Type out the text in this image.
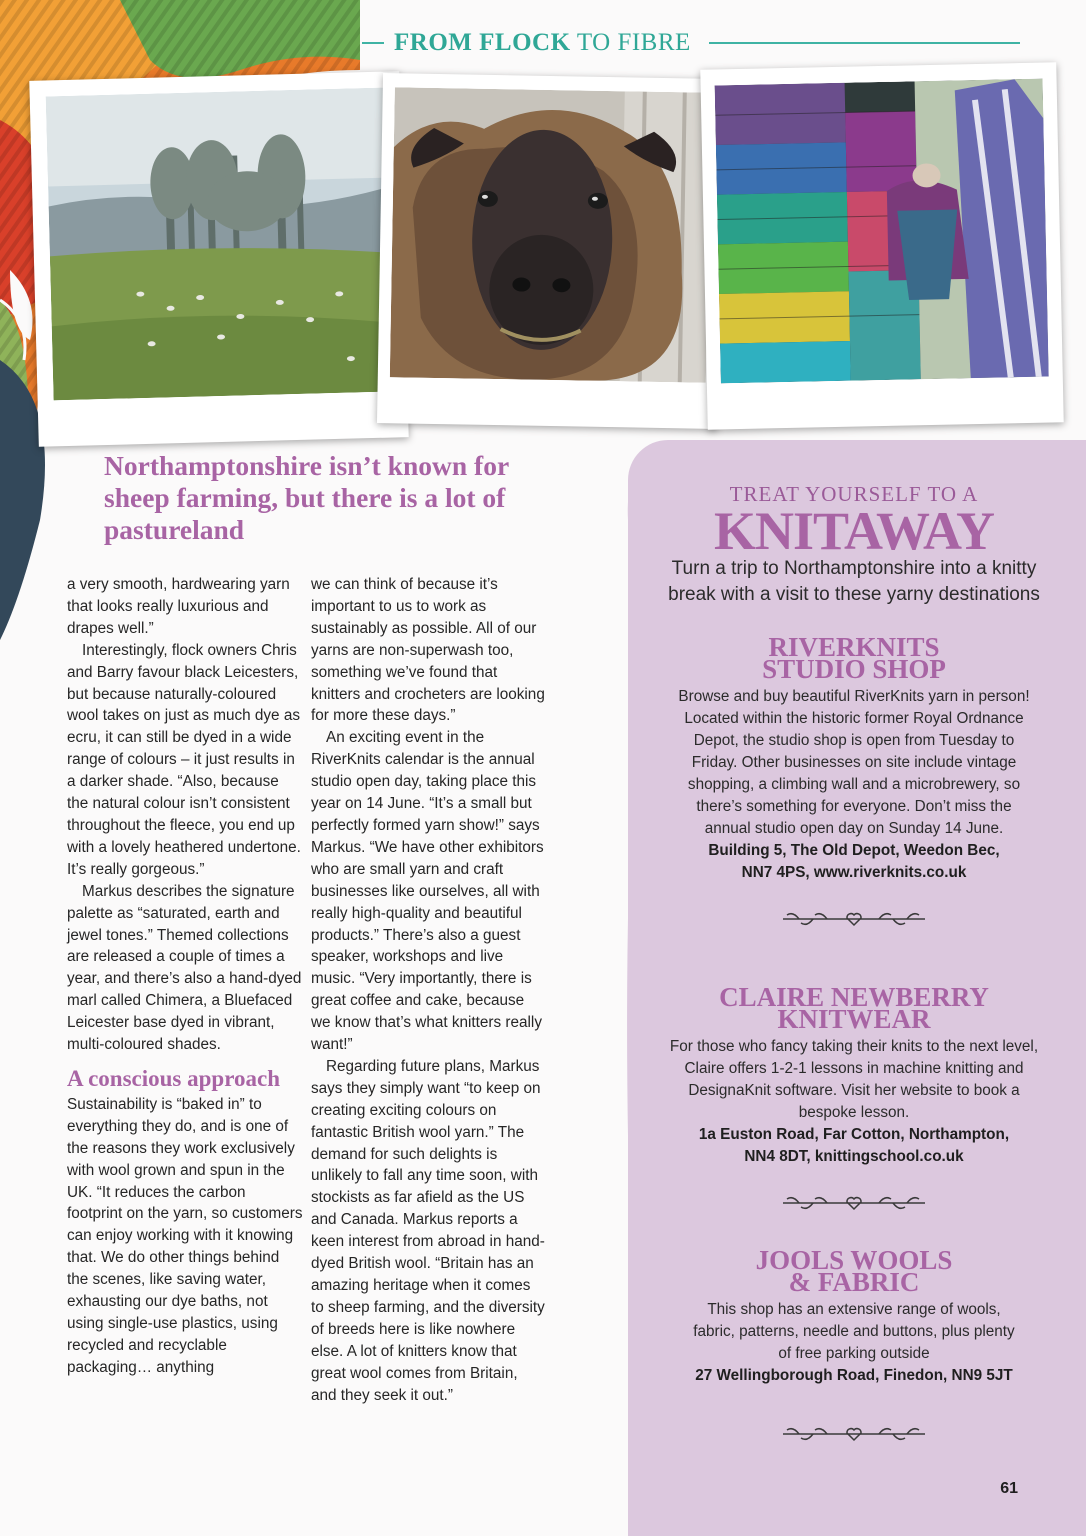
FROM FLOCK TO FIBRE
Northamptonshire isn’t known for sheep farming, but there is a lot of pastureland

a very smooth, hardwearing yarn that looks really luxurious and drapes well.”

Interestingly, flock owners Chris and Barry favour black Leicesters, but because naturally-coloured wool takes on just as much dye as ecru, it can still be dyed in a wide range of colours – it just results in a darker shade. “Also, because the natural colour isn’t consistent throughout the fleece, you end up with a lovely heathered undertone. It’s really gorgeous.”

Markus describes the signature palette as “saturated, earth and jewel tones.” Themed collections are released a couple of times a year, and there’s also a hand-dyed marl called Chimera, a Bluefaced Leicester base dyed in vibrant, multi-coloured shades.

A conscious approach

Sustainability is “baked in” to everything they do, and is one of the reasons they work exclusively with wool grown and spun in the UK. “It reduces the carbon footprint on the yarn, so customers can enjoy working with it knowing that. We do other things behind the scenes, like saving water, exhausting our dye baths, not using single-use plastics, using recycled and recyclable packaging… anything

we can think of because it’s important to us to work as sustainably as possible. All of our yarns are non-superwash too, something we’ve found that knitters and crocheters are looking for more these days.”

An exciting event in the RiverKnits calendar is the annual studio open day, taking place this year on 14 June. “It’s a small but perfectly formed yarn show!” says Markus. “We have other exhibitors who are small yarn and craft businesses like ourselves, all with really high-quality and beautiful products.” There’s also a guest speaker, workshops and live music. “Very importantly, there is great coffee and cake, because we know that’s what knitters really want!”

Regarding future plans, Markus says they simply want “to keep on creating exciting colours on fantastic British wool yarn.” The demand for such delights is unlikely to fall any time soon, with stockists as far afield as the US and Canada. Markus reports a keen interest from abroad in hand-dyed British wool. “Britain has an amazing heritage when it comes to sheep farming, and the diversity of breeds here is like nowhere else. A lot of knitters know that great wool comes from Britain, and they seek it out.”

TREAT YOURSELF TO A
KNITAWAY
Turn a trip to Northamptonshire into a knitty break with a visit to these yarny destinations
RIVERKNITS STUDIO SHOP
Browse and buy beautiful RiverKnits yarn in person! Located within the historic former Royal Ordnance Depot, the studio shop is open from Tuesday to Friday. Other businesses on site include vintage shopping, a climbing wall and a microbrewery, so there’s something for everyone. Don’t miss the annual studio open day on Sunday 14 June.
Building 5, The Old Depot, Weedon Bec, NN7 4PS, www.riverknits.co.uk
CLAIRE NEWBERRY KNITWEAR
For those who fancy taking their knits to the next level, Claire offers 1-2-1 lessons in machine knitting and DesignaKnit software. Visit her website to book a bespoke lesson.
1a Euston Road, Far Cotton, Northampton, NN4 8DT, knittingschool.co.uk
JOOLS WOOLS & FABRIC
This shop has an extensive range of wools, fabric, patterns, needle and buttons, plus plenty of free parking outside
27 Wellingborough Road, Finedon, NN9 5JT
61
